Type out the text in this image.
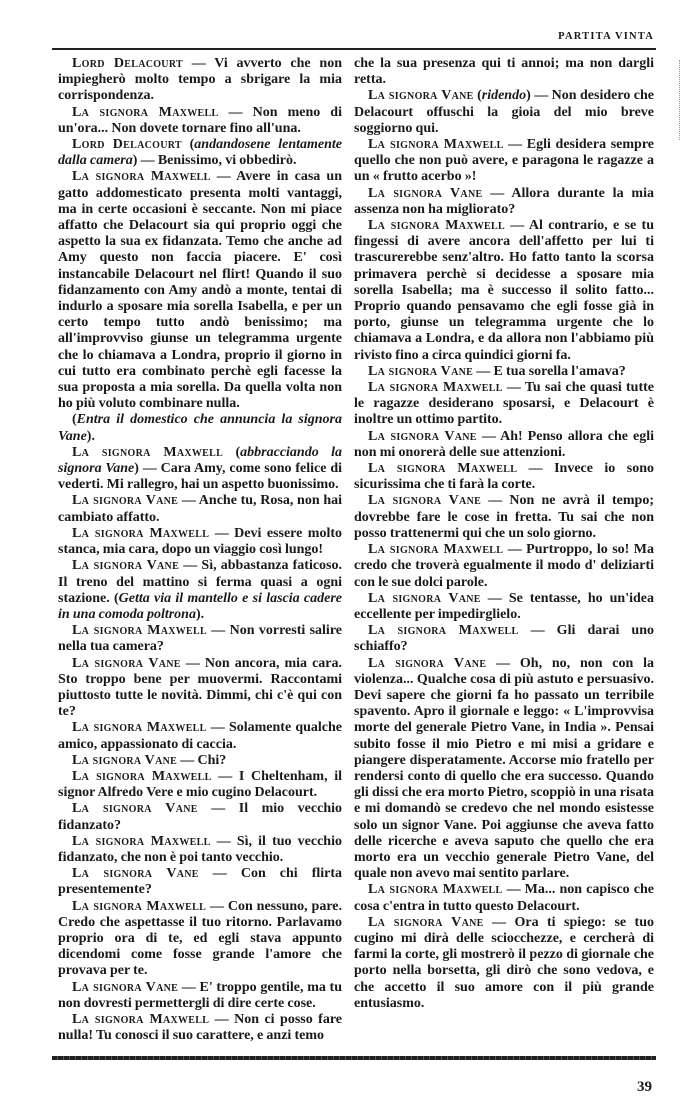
PARTITA VINTA

Lord Delacourt — Vi avverto che non impiegherò molto tempo a sbrigare la mia corrispondenza.

La signora Maxwell — Non meno di un'ora... Non dovete tornare fino all'una.

Lord Delacourt (andandosene lentamente dalla camera) — Benissimo, vi obbedirò.

La signora Maxwell — Avere in casa un gatto addomesticato presenta molti vantaggi, ma in certe occasioni è seccante. Non mi piace affatto che Delacourt sia qui proprio oggi che aspetto la sua ex fidanzata. Temo che anche ad Amy questo non faccia piacere. E' così instancabile Delacourt nel flirt! Quando il suo fidanzamento con Amy andò a monte, tentai di indurlo a sposare mia sorella Isabella, e per un certo tempo tutto andò benissimo; ma all'improvviso giunse un telegramma urgente che lo chiamava a Londra, proprio il giorno in cui tutto era combinato perchè egli facesse la sua proposta a mia sorella. Da quella volta non ho più voluto combinare nulla.

(Entra il domestico che annuncia la signora Vane).

La signora Maxwell (abbracciando la signora Vane) — Cara Amy, come sono felice di vederti. Mi rallegro, hai un aspetto buonissimo.

La signora Vane — Anche tu, Rosa, non hai cambiato affatto.

La signora Maxwell — Devi essere molto stanca, mia cara, dopo un viaggio così lungo!

La signora Vane — Sì, abbastanza faticoso. Il treno del mattino si ferma quasi a ogni stazione. (Getta via il mantello e si lascia cadere in una comoda poltrona).

La signora Maxwell — Non vorresti salire nella tua camera?

La signora Vane — Non ancora, mia cara. Sto troppo bene per muovermi. Raccontami piuttosto tutte le novità. Dimmi, chi c'è qui con te?

La signora Maxwell — Solamente qualche amico, appassionato di caccia.

La signora Vane — Chi?

La signora Maxwell — I Cheltenham, il signor Alfredo Vere e mio cugino Delacourt.

La signora Vane — Il mio vecchio fidanzato?

La signora Maxwell — Sì, il tuo vecchio fidanzato, che non è poi tanto vecchio.

La signora Vane — Con chi flirta presentemente?

La signora Maxwell — Con nessuno, pare. Credo che aspettasse il tuo ritorno. Parlavamo proprio ora di te, ed egli stava appunto dicendomi come fosse grande l'amore che provava per te.

La signora Vane — E' troppo gentile, ma tu non dovresti permettergli di dire certe cose.

La signora Maxwell — Non ci posso fare nulla! Tu conosci il suo carattere, e anzi temo

che la sua presenza qui ti annoi; ma non dargli retta.

La signora Vane (ridendo) — Non desidero che Delacourt offuschi la gioia del mio breve soggiorno qui.

La signora Maxwell — Egli desidera sempre quello che non può avere, e paragona le ragazze a un « frutto acerbo »!

La signora Vane — Allora durante la mia assenza non ha migliorato?

La signora Maxwell — Al contrario, e se tu fingessi di avere ancora dell'affetto per lui ti trascurerebbe senz'altro. Ho fatto tanto la scorsa primavera perchè si decidesse a sposare mia sorella Isabella; ma è successo il solito fatto... Proprio quando pensavamo che egli fosse già in porto, giunse un telegramma urgente che lo chiamava a Londra, e da allora non l'abbiamo più rivisto fino a circa quindici giorni fa.

La signora Vane — E tua sorella l'amava?

La signora Maxwell — Tu sai che quasi tutte le ragazze desiderano sposarsi, e Delacourt è inoltre un ottimo partito.

La signora Vane — Ah! Penso allora che egli non mi onorerà delle sue attenzioni.

La signora Maxwell — Invece io sono sicurissima che ti farà la corte.

La signora Vane — Non ne avrà il tempo; dovrebbe fare le cose in fretta. Tu sai che non posso trattenermi qui che un solo giorno.

La signora Maxwell — Purtroppo, lo so! Ma credo che troverà egualmente il modo d' deliziarti con le sue dolci parole.

La signora Vane — Se tentasse, ho un'idea eccellente per impedirglielo.

La signora Maxwell — Gli darai uno schiaffo?

La signora Vane — Oh, no, non con la violenza... Qualche cosa di più astuto e persuasivo. Devi sapere che giorni fa ho passato un terribile spavento. Apro il giornale e leggo: « L'improvvisa morte del generale Pietro Vane, in India ». Pensai subito fosse il mio Pietro e mi misi a gridare e piangere disperatamente. Accorse mio fratello per rendersi conto di quello che era successo. Quando gli dissi che era morto Pietro, scoppiò in una risata e mi domandò se credevo che nel mondo esistesse solo un signor Vane. Poi aggiunse che aveva fatto delle ricerche e aveva saputo che quello che era morto era un vecchio generale Pietro Vane, del quale non avevo mai sentito parlare.

La signora Maxwell — Ma... non capisco che cosa c'entra in tutto questo Delacourt.

La signora Vane — Ora ti spiego: se tuo cugino mi dirà delle sciocchezze, e cercherà di farmi la corte, gli mostrerò il pezzo di giornale che porto nella borsetta, gli dirò che sono vedova, e che accetto il suo amore con il più grande entusiasmo.

39
